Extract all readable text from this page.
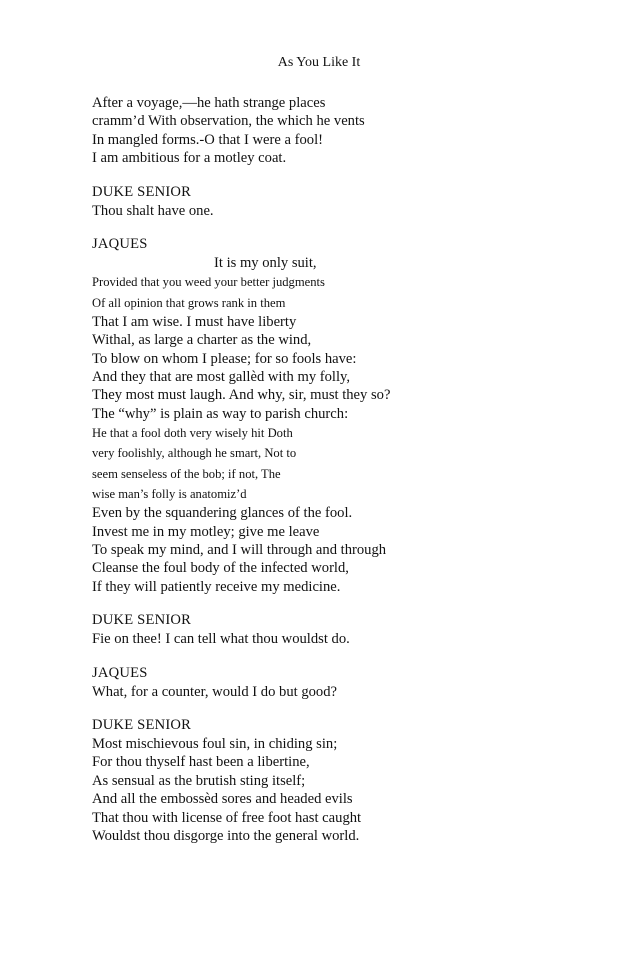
As You Like It
After a voyage,—he hath strange places
cramm’d With observation, the which he vents
In mangled forms.-O that I were a fool!
I am ambitious for a motley coat.
DUKE SENIOR
Thou shalt have one.
JAQUES
It is my only suit,
Provided that you weed your better judgments
Of all opinion that grows rank in them
That I am wise. I must have liberty
Withal, as large a charter as the wind,
To blow on whom I please; for so fools have:
And they that are most gallèd with my folly,
They most must laugh. And why, sir, must they so?
The “why” is plain as way to parish church:
He that a fool doth very wisely hit Doth
very foolishly, although he smart, Not to
seem senseless of the bob; if not, The
wise man’s folly is anatomiz’d
Even by the squandering glances of the fool.
Invest me in my motley; give me leave
To speak my mind, and I will through and through
Cleanse the foul body of the infected world,
If they will patiently receive my medicine.
DUKE SENIOR
Fie on thee! I can tell what thou wouldst do.
JAQUES
What, for a counter, would I do but good?
DUKE SENIOR
Most mischievous foul sin, in chiding sin;
For thou thyself hast been a libertine,
As sensual as the brutish sting itself;
And all the embossèd sores and headed evils
That thou with license of free foot hast caught
Wouldst thou disgorge into the general world.
